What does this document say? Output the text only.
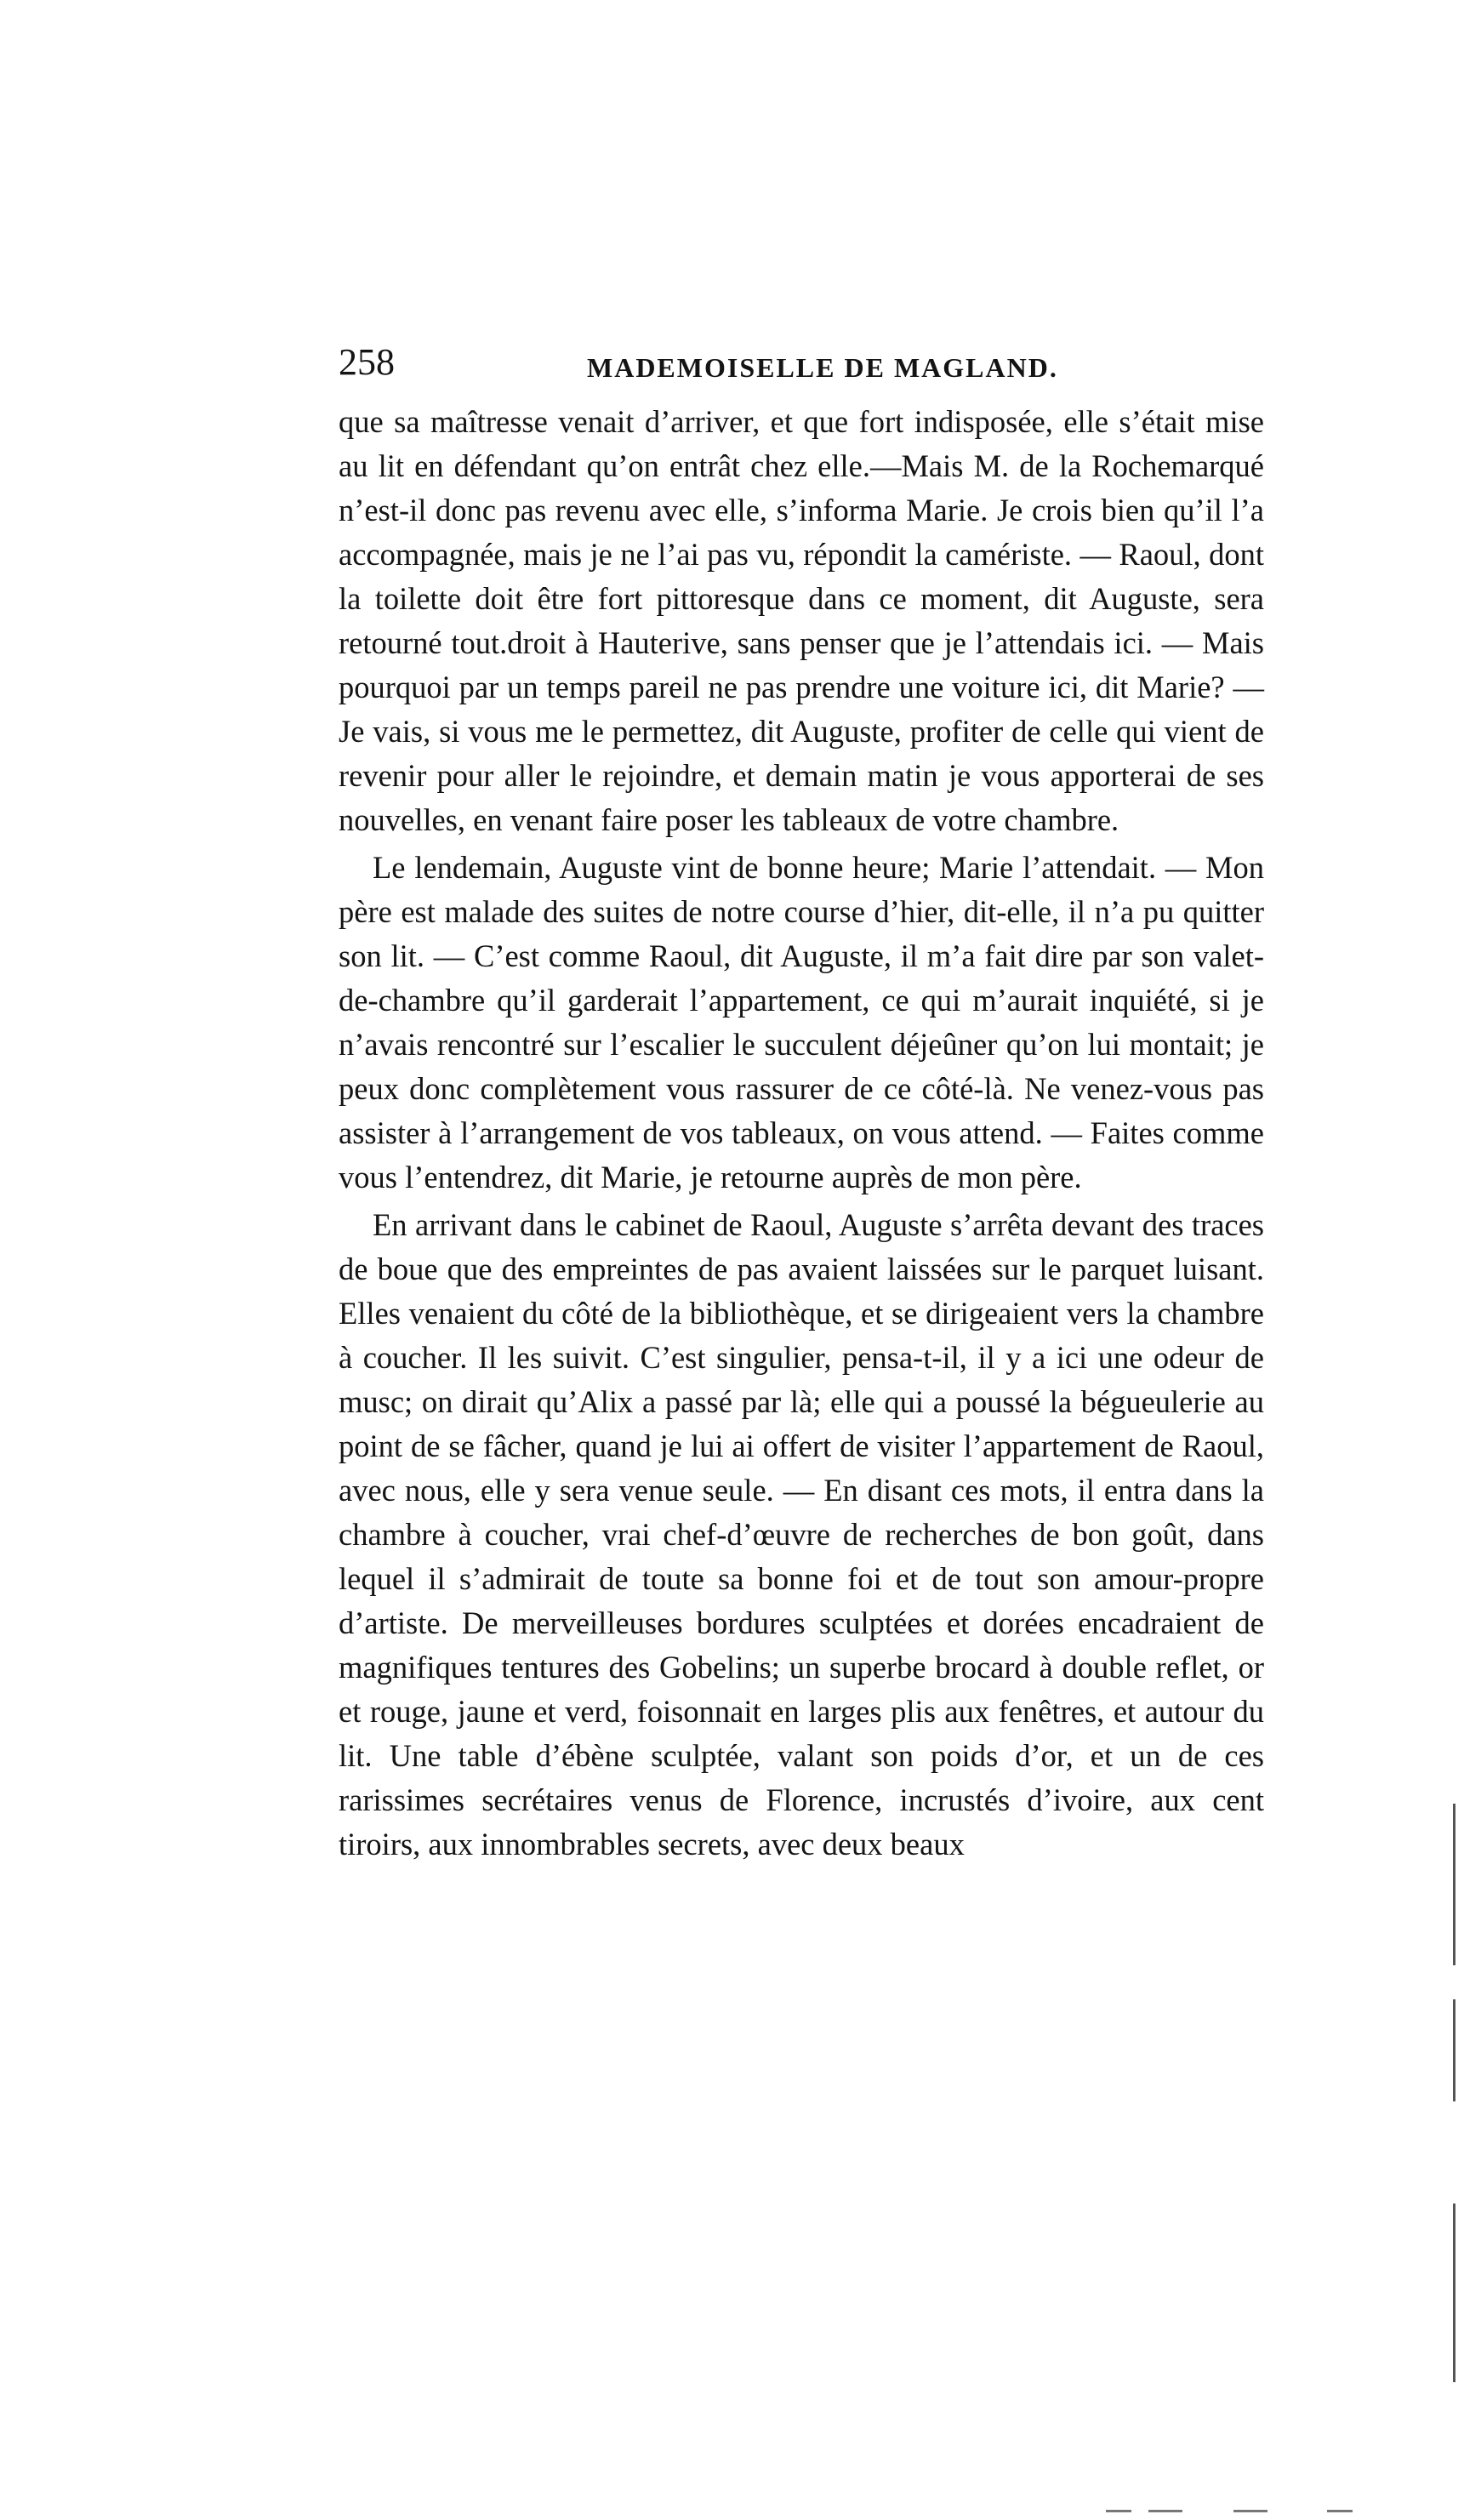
258	MADEMOISELLE DE MAGLAND.

que sa maîtresse venait d’arriver, et que fort indisposée, elle s’était mise au lit en défendant qu’on entrât chez elle.—Mais M. de la Rochemarqué n’est-il donc pas revenu avec elle, s’informa Marie. Je crois bien qu’il l’a accompagnée, mais je ne l’ai pas vu, répondit la caméristе. — Raoul, dont la toilette doit être fort pittoresque dans ce moment, dit Auguste, sera retourné tout.droit à Hauterive, sans penser que je l’attendais ici. — Mais pourquoi par un temps pareil ne pas prendre une voiture ici, dit Marie? — Je vais, si vous me le permettez, dit Auguste, profiter de celle qui vient de revenir pour aller le rejoindre, et demain matin je vous apporterai de ses nouvelles, en venant faire poser les tableaux de votre chambre.

Le lendemain, Auguste vint de bonne heure; Marie l’attendait. — Mon père est malade des suites de notre course d’hier, dit-elle, il n’a pu quitter son lit. — C’est comme Raoul, dit Auguste, il m’a fait dire par son valet-de-chambre qu’il garderait l’appartement, ce qui m’aurait inquiété, si je n’avais rencontré sur l’escalier le succulent déjeûner qu’on lui montait; je peux donc complètement vous rassurer de ce côté-là. Ne venez-vous pas assister à l’arrangement de vos tableaux, on vous attend. — Faites comme vous l’entendrez, dit Marie, je retourne auprès de mon père.

En arrivant dans le cabinet de Raoul, Auguste s’arrêta devant des traces de boue que des empreintes de pas avaient laissées sur le parquet luisant. Elles venaient du côté de la bibliothèque, et se dirigeaient vers la chambre à coucher. Il les suivit. C’est singulier, pensa-t-il, il y a ici une odeur de musc; on dirait qu’Alix a passé par là; elle qui a poussé la bégueulerie au point de se fâcher, quand je lui ai offert de visiter l’appartement de Raoul, avec nous, elle y sera venue seule. — En disant ces mots, il entra dans la chambre à coucher, vrai chef-d’œuvre de recherches de bon goût, dans lequel il s’admirait de toute sa bonne foi et de tout son amour-propre d’artiste. De merveilleuses bordures sculptées et dorées encadraient de magnifiques tentures des Gobelins; un superbe brocard à double reflet, or et rouge, jaune et verd, foisonnait en larges plis aux fenêtres, et autour du lit. Une table d’ébène sculptée, valant son poids d’or, et un de ces rarissimes secrétaires venus de Florence, incrustés d’ivoire, aux cent tiroirs, aux innombrables secrets, avec deux beaux
